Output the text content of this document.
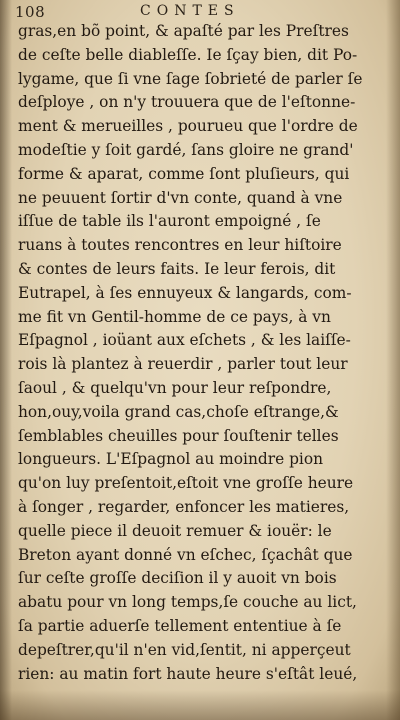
108	CONTES
gras,en bõ point, & apaſté par les Preſtres
de ceſte belle diableſſe. Ie ſçay bien, dit Po-
lygame, que ſi vne ſage ſobrieté de parler ſe
deſploye , on n'y trouuera que de l'eſtonne-
ment & merueilles , pourueu que l'ordre de
modeſtie y ſoit gardé, ſans gloire ne grand'
forme & aparat, comme ſont pluſieurs, qui
ne peuuent ſortir d'vn conte, quand à vne
iſſue de table ils l'auront empoigné , ſe
ruans à toutes rencontres en leur hiſtoire
& contes de leurs faits. Ie leur ferois, dit
Eutrapel, à ſes ennuyeux & langards, com-
me fit vn Gentil-homme de ce pays, à vn
Eſpagnol , ioüant aux eſchets , & les laiſſe-
rois là plantez à reuerdir , parler tout leur
ſaoul , & quelqu'vn pour leur reſpondre,
hon,ouy,voila grand cas,choſe eſtrange,&
ſemblables cheuilles pour ſouſtenir telles
longueurs. L'Eſpagnol au moindre pion
qu'on luy preſentoit,eſtoit vne groſſe heure
à ſonger , regarder, enfoncer les matieres,
quelle piece il deuoit remuer & iouër: le
Breton ayant donné vn eſchec, ſçachât que
ſur ceſte groſſe deciſion il y auoit vn bois
abatu pour vn long temps,ſe couche au lict,
ſa partie aduerſe tellement ententiue à ſe
depeſtrer,qu'il n'en vid,ſentit, ni apperçeut
rien: au matin fort haute heure s'eſtât leué,
